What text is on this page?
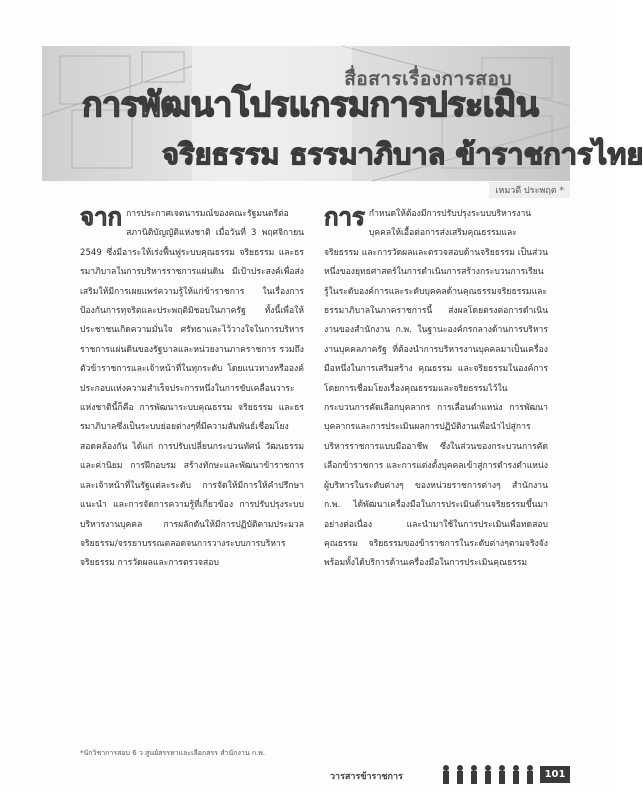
สื่อสารเรื่องการสอบ
การพัฒนาโปรแกรมการประเมิน
จริยธรรม ธรรมาภิบาล ข้าราชการไทย
เหมวดี ประพฤต *

จาก การประกาศเจตนารมณ์ของคณะรัฐมนตรีต่อสภานิติบัญญัติแห่งชาติ เมื่อวันที่ 3 พฤศจิกายน 2549 ซึ่งมีอาระให้เร่งฟื้นฟูระบบคุณธรรม จริยธรรม และธรรมาภิบาลในการบริหารราชการแผ่นดิน มีเป้าประสงค์เพื่อส่งเสริมให้มีการเผยแพร่ความรู้ให้แก่ข้าราชการ ในเรื่องการป้องกันการทุจริตและประพฤติมิชอบในภาครัฐ ทั้งนี้เพื่อให้ประชาชนเกิดความมั่นใจ ศรัทธาและไว้วางใจในการบริหารราชการแผ่นดินของรัฐบาลและหน่วยงานภาคราชการ รวมถึงตัวข้าราชการและเจ้าหน้าที่ในทุกระดับ โดยแนวทางหรือองค์ประกอบแห่งความสำเร็จประการหนึ่งในการขับเคลื่อนวาระแห่งชาตินี้ก็คือ การพัฒนาระบบคุณธรรม จริยธรรม และธรรมาภิบาลซึ่งเป็นระบบย่อยต่างๆที่มีความสัมพันธ์เชื่อมโยงสอดคล้องกัน ได้แก่ การปรับเปลี่ยนกระบวนทัศน์ วัฒนธรรมและค่านิยม การฝึกอบรม สร้างทักษะและพัฒนาข้าราชการและเจ้าหน้าที่ในรัฐแต่ละระดับ การจัดให้มีการให้คำปรึกษาแนะนำ และการจัดการความรู้ที่เกี่ยวข้อง การปรับปรุงระบบบริหารงานบุคคล การผลักดันให้มีการปฏิบัติตามประมวลจริยธรรม/จรรยาบรรณตลอดจนการวางระบบการบริหารจริยธรรม การวัดผลและการตรวจสอบ

การ กำหนดให้ต้องมีการปรับปรุงระบบบริหารงานบุคคลให้เอื้อต่อการส่งเสริมคุณธรรมและจริยธรรม และการวัดผลและตรวจสอบด้านจริยธรรม เป็นส่วนหนึ่งของยุทธศาสตร์ในการดำเนินการสร้างกระบวนการเรียนรู้ในระดับองค์การและระดับบุคคลด้านคุณธรรมจริยธรรมและธรรมาภิบาลในภาคราชการนี้ ส่งผลโดยตรงต่อการดำเนินงานของสำนักงาน ก.พ. ในฐานะองค์กรกลางด้านการบริหารงานบุคคลภาครัฐ ที่ต้องนำการบริหารงานบุคคลมาเป็นเครื่องมือหนึ่งในการเสริมสร้าง คุณธรรม และจริยธรรมในองค์การ โดยการเชื่อมโยงเรื่องคุณธรรมและจริยธรรมไว้ในกระบวนการคัดเลือกบุคลากร การเลื่อนตำแหน่ง การพัฒนาบุคลากรและการประเมินผลการปฏิบัติงานเพื่อนำไปสู่การบริหารราชการแบบมืออาชีพ ซึ่งในส่วนของกระบวนการคัดเลือกข้าราชการ และการแต่งตั้งบุคคลเข้าสู่การดำรงตำแหน่งผู้บริหารในระดับต่างๆ ของหน่วยราชการต่างๆ สำนักงาน ก.พ. ได้พัฒนาเครื่องมือในการประเมินด้านจริยธรรมขึ้นมาอย่างต่อเนื่อง และนำมาใช้ในการประเมินเพื่อทดสอบคุณธรรม จริยธรรมของข้าราชการในระดับต่างๆตามจริงจัง พร้อมทั้งได้บริการด้านเครื่องมือในการประเมินคุณธรรม

*นักวิชาการสอบ 6 ว สูนย์สรรหาและเลือกสรร สำนักงาน ก.พ.
วารสารข้าราชการ	101
